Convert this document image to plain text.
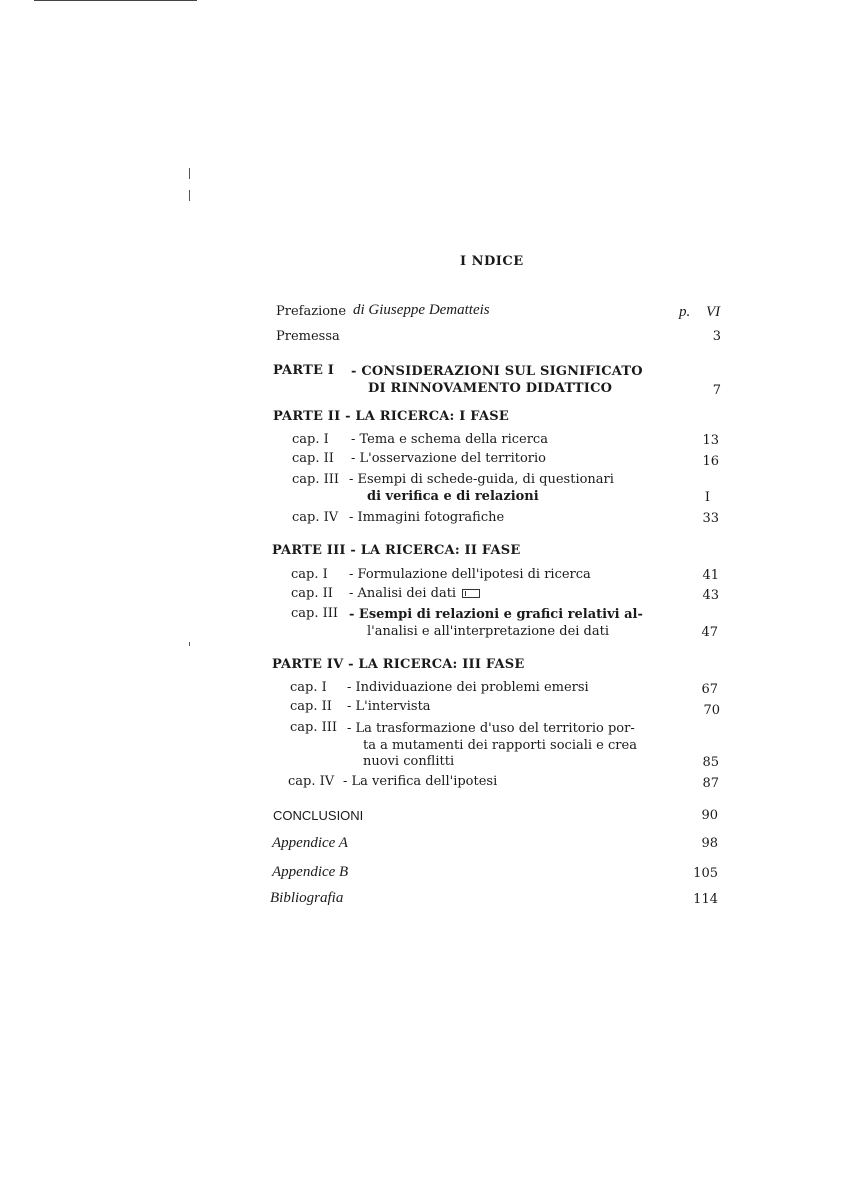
I NDICE
Prefazione di Giuseppe Dematteis	p. VI
Premessa	3
PARTE I - CONSIDERAZIONI SUL SIGNIFICATO
DI RINNOVAMENTO DIDATTICO	7
PARTE II - LA RICERCA: I FASE
cap. I - Tema e schema della ricerca	13
cap. II - L'osservazione del territorio	16
cap. III - Esempi di schede-guida, di questionari
di verifica e di relazioni	I
cap. IV - Immagini fotografiche	33
PARTE III - LA RICERCA: II FASE
cap. I - Formulazione dell'ipotesi di ricerca	41
cap. II - Analisi dei dati	43
cap. III - Esempi di relazioni e grafici relativi al-
l'analisi e all'interpretazione dei dati	47
PARTE IV - LA RICERCA: III FASE
cap. I - Individuazione dei problemi emersi	67
cap. II - L'intervista	70
cap. III - La trasformazione d'uso del territorio por-
ta a mutamenti dei rapporti sociali e crea
nuovi conflitti	85
cap. IV - La verifica dell'ipotesi	87
CONCLUSIONI	90
Appendice A	98
Appendice B	105
Bibliografia	114
